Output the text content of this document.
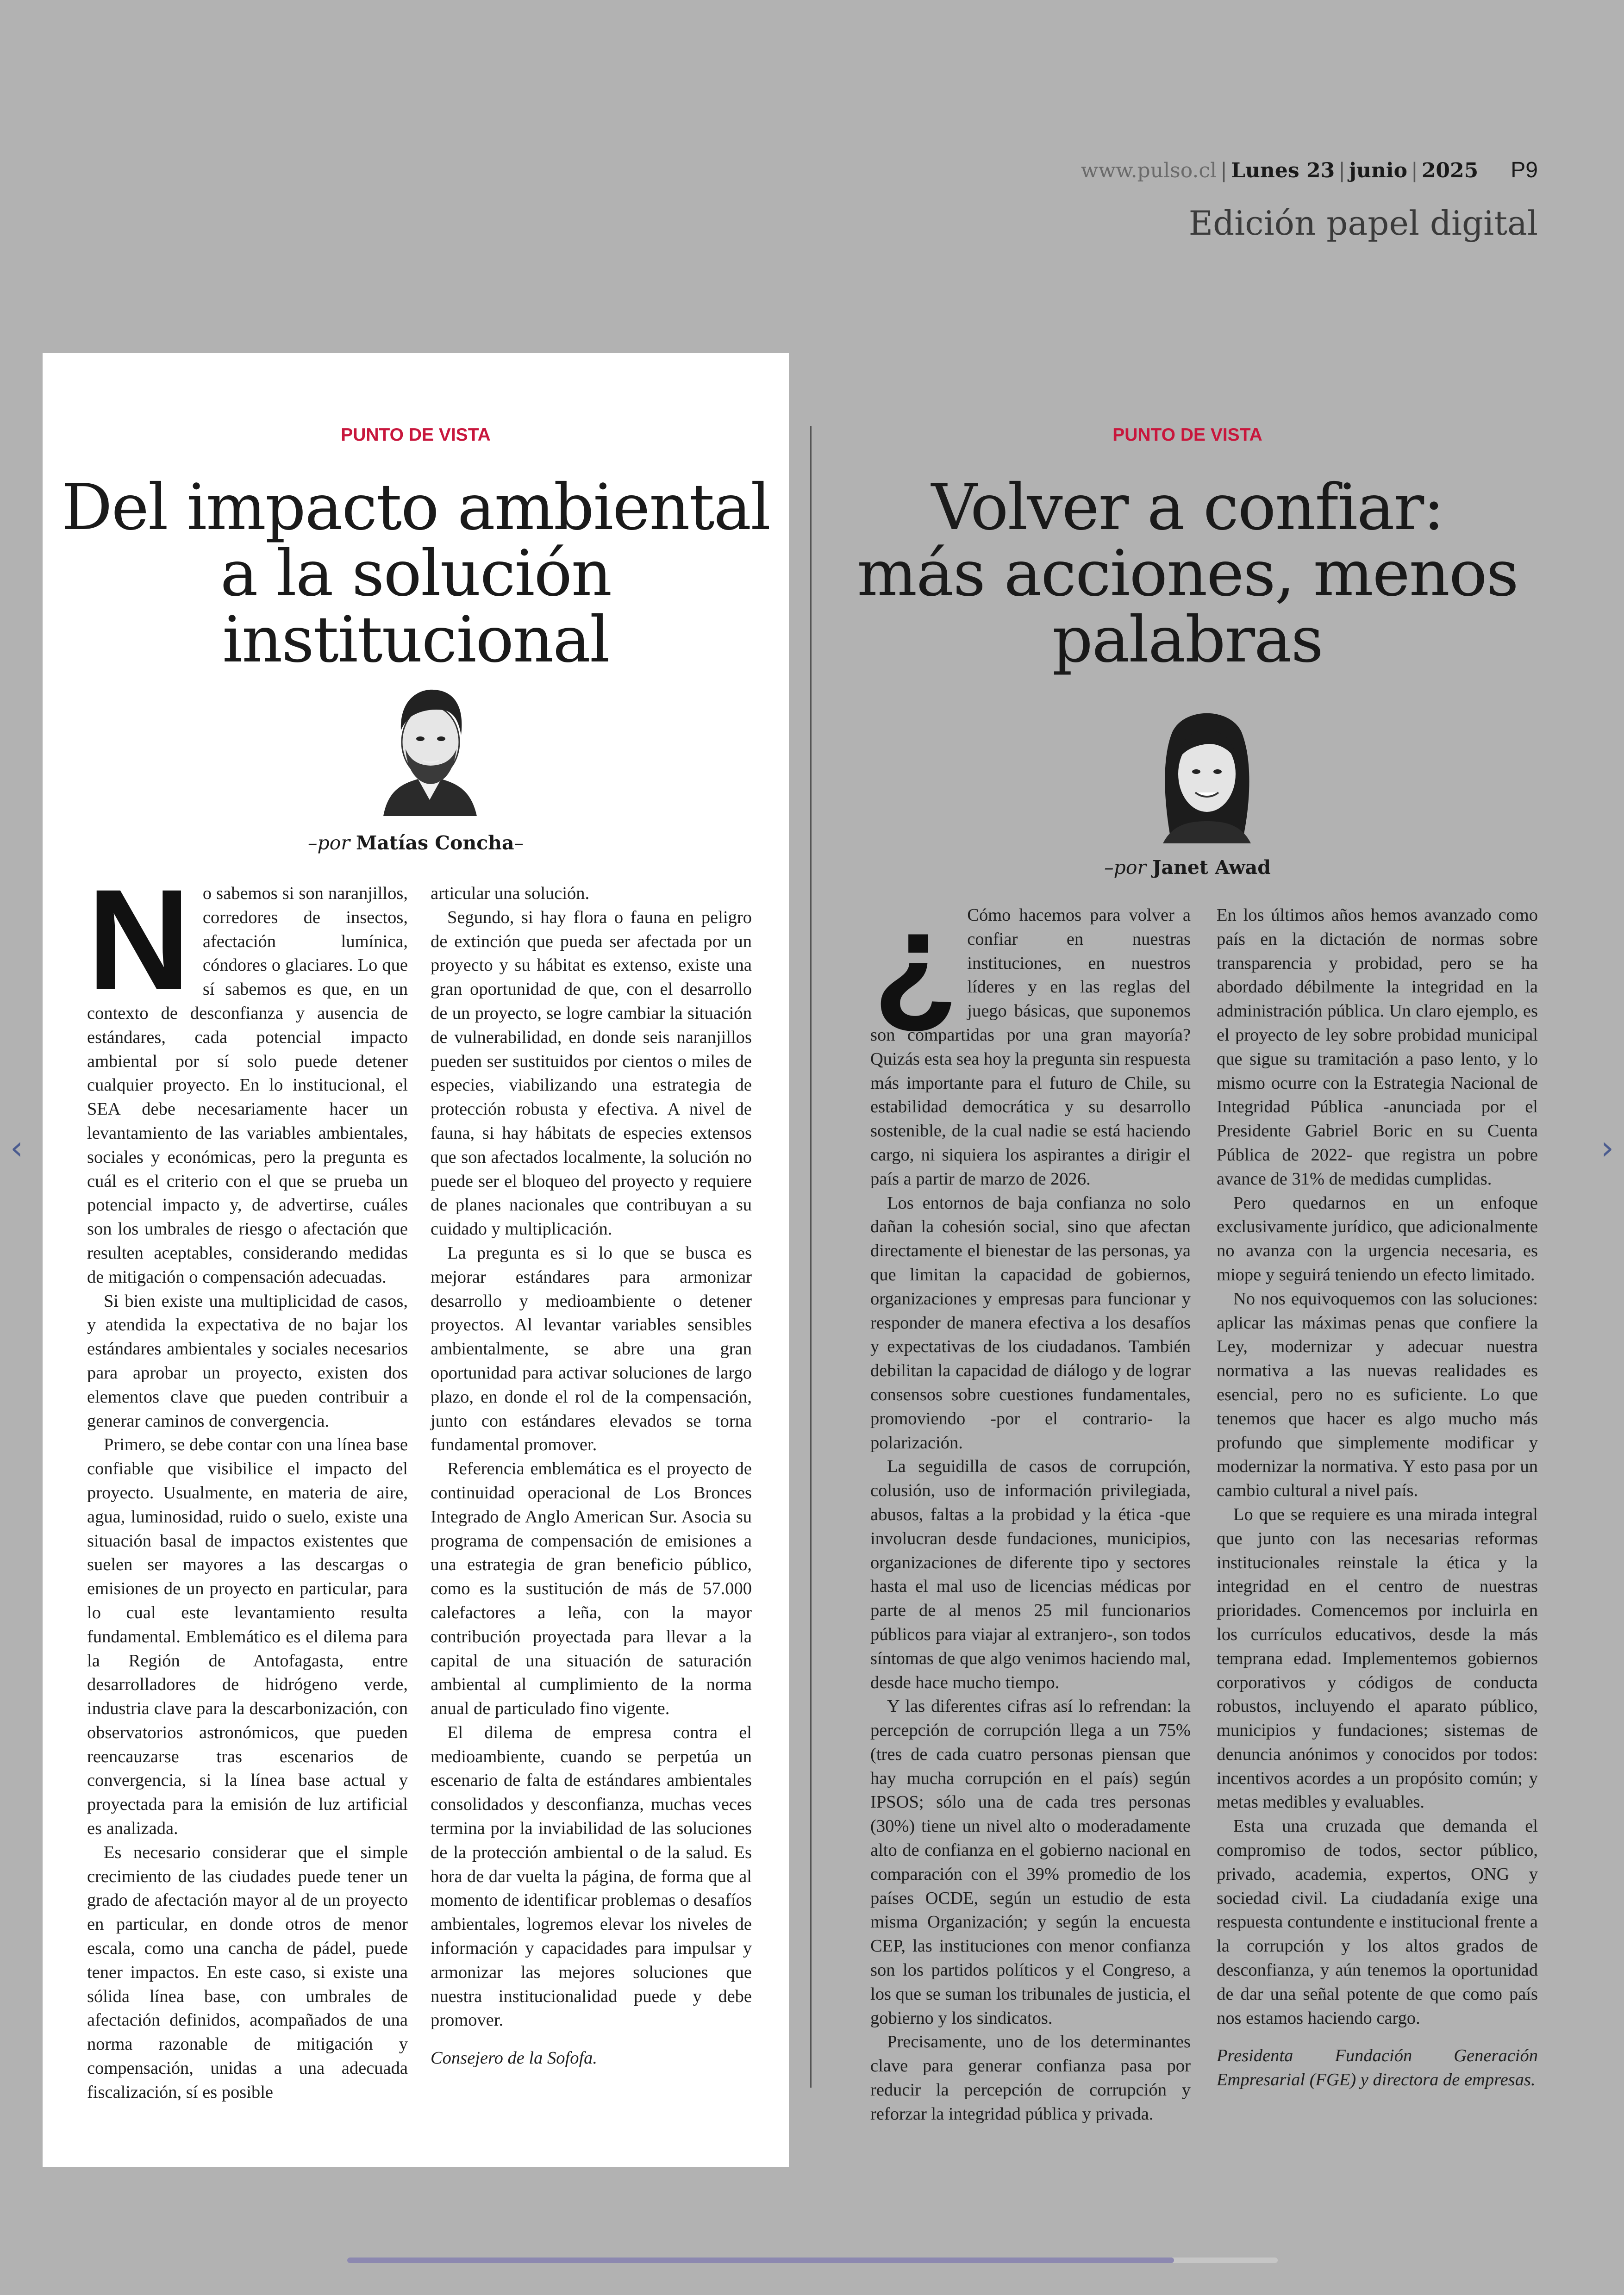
www.pulso.cl | Lunes 23 | junio | 2025 P9
Edición papel digital
‹	›
PUNTO DE VISTA
Del impacto ambiental
a la solución
institucional
–por Matías Concha–
N o sabemos si son naranjillos, corredores de insectos, afectación lumínica, cóndores o glaciares. Lo que sí sabemos es que, en un contexto de desconfianza y ausencia de estándares, cada potencial impacto ambiental por sí solo puede detener cualquier proyecto. En lo institucional, el SEA debe necesariamente hacer un levantamiento de las variables ambientales, sociales y económicas, pero la pregunta es cuál es el criterio con el que se prueba un potencial impacto y, de advertirse, cuáles son los umbrales de riesgo o afectación que resulten aceptables, considerando medidas de mitigación o compensación adecuadas.

Si bien existe una multiplicidad de casos, y atendida la expectativa de no bajar los estándares ambientales y sociales necesarios para aprobar un proyecto, existen dos elementos clave que pueden contribuir a generar caminos de convergencia.

Primero, se debe contar con una línea base confiable que visibilice el impacto del proyecto. Usualmente, en materia de aire, agua, luminosidad, ruido o suelo, existe una situación basal de impactos existentes que suelen ser mayores a las descargas o emisiones de un proyecto en particular, para lo cual este levantamiento resulta fundamental. Emblemático es el dilema para la Región de Antofagasta, entre desarrolladores de hidrógeno verde, industria clave para la descarbonización, con observatorios astronómicos, que pueden reencauzarse tras escenarios de convergencia, si la línea base actual y proyectada para la emisión de luz artificial es analizada.

Es necesario considerar que el simple crecimiento de las ciudades puede tener un grado de afectación mayor al de un proyecto en particular, en donde otros de menor escala, como una cancha de pádel, puede tener impactos. En este caso, si existe una sólida línea base, con umbrales de afectación definidos, acompañados de una norma razonable de mitigación y compensación, unidas a una adecuada fiscalización, sí es posible

articular una solución.

Segundo, si hay flora o fauna en peligro de extinción que pueda ser afectada por un proyecto y su hábitat es extenso, existe una gran oportunidad de que, con el desarrollo de un proyecto, se logre cambiar la situación de vulnerabilidad, en donde seis naranjillos pueden ser sustituidos por cientos o miles de especies, viabilizando una estrategia de protección robusta y efectiva. A nivel de fauna, si hay hábitats de especies extensos que son afectados localmente, la solución no puede ser el bloqueo del proyecto y requiere de planes nacionales que contribuyan a su cuidado y multiplicación.

La pregunta es si lo que se busca es mejorar estándares para armonizar desarrollo y medioambiente o detener proyectos. Al levantar variables sensibles ambientalmente, se abre una gran oportunidad para activar soluciones de largo plazo, en donde el rol de la compensación, junto con estándares elevados se torna fundamental promover.

Referencia emblemática es el proyecto de continuidad operacional de Los Bronces Integrado de Anglo American Sur. Asocia su programa de compensación de emisiones a una estrategia de gran beneficio público, como es la sustitución de más de 57.000 calefactores a leña, con la mayor contribución proyectada para llevar a la capital de una situación de saturación ambiental al cumplimiento de la norma anual de particulado fino vigente.

El dilema de empresa contra el medioambiente, cuando se perpetúa un escenario de falta de estándares ambientales consolidados y desconfianza, muchas veces termina por la inviabilidad de las soluciones de la protección ambiental o de la salud. Es hora de dar vuelta la página, de forma que al momento de identificar problemas o desafíos ambientales, logremos elevar los niveles de información y capacidades para impulsar y armonizar las mejores soluciones que nuestra institucionalidad puede y debe promover.

Consejero de la Sofofa.

PUNTO DE VISTA
Volver a confiar:
más acciones, menos
palabras
–por Janet Awad
¿ Cómo hacemos para volver a confiar en nuestras instituciones, en nuestros líderes y en las reglas del juego básicas, que suponemos son compartidas por una gran mayoría? Quizás esta sea hoy la pregunta sin respuesta más importante para el futuro de Chile, su estabilidad democrática y su desarrollo sostenible, de la cual nadie se está haciendo cargo, ni siquiera los aspirantes a dirigir el país a partir de marzo de 2026.

Los entornos de baja confianza no solo dañan la cohesión social, sino que afectan directamente el bienestar de las personas, ya que limitan la capacidad de gobiernos, organizaciones y empresas para funcionar y responder de manera efectiva a los desafíos y expectativas de los ciudadanos. También debilitan la capacidad de diálogo y de lograr consensos sobre cuestiones fundamentales, promoviendo -por el contrario- la polarización.

La seguidilla de casos de corrupción, colusión, uso de información privilegiada, abusos, faltas a la probidad y la ética -que involucran desde fundaciones, municipios, organizaciones de diferente tipo y sectores hasta el mal uso de licencias médicas por parte de al menos 25 mil funcionarios públicos para viajar al extranjero-, son todos síntomas de que algo venimos haciendo mal, desde hace mucho tiempo.

Y las diferentes cifras así lo refrendan: la percepción de corrupción llega a un 75% (tres de cada cuatro personas piensan que hay mucha corrupción en el país) según IPSOS; sólo una de cada tres personas (30%) tiene un nivel alto o moderadamente alto de confianza en el gobierno nacional en comparación con el 39% promedio de los países OCDE, según un estudio de esta misma Organización; y según la encuesta CEP, las instituciones con menor confianza son los partidos políticos y el Congreso, a los que se suman los tribunales de justicia, el gobierno y los sindicatos.

Precisamente, uno de los determinantes clave para generar confianza pasa por reducir la percepción de corrupción y reforzar la integridad pública y privada.

En los últimos años hemos avanzado como país en la dictación de normas sobre transparencia y probidad, pero se ha abordado débilmente la integridad en la administración pública. Un claro ejemplo, es el proyecto de ley sobre probidad municipal que sigue su tramitación a paso lento, y lo mismo ocurre con la Estrategia Nacional de Integridad Pública -anunciada por el Presidente Gabriel Boric en su Cuenta Pública de 2022- que registra un pobre avance de 31% de medidas cumplidas.

Pero quedarnos en un enfoque exclusivamente jurídico, que adicionalmente no avanza con la urgencia necesaria, es miope y seguirá teniendo un efecto limitado.

No nos equivoquemos con las soluciones: aplicar las máximas penas que confiere la Ley, modernizar y adecuar nuestra normativa a las nuevas realidades es esencial, pero no es suficiente. Lo que tenemos que hacer es algo mucho más profundo que simplemente modificar y modernizar la normativa. Y esto pasa por un cambio cultural a nivel país.

Lo que se requiere es una mirada integral que junto con las necesarias reformas institucionales reinstale la ética y la integridad en el centro de nuestras prioridades. Comencemos por incluirla en los currículos educativos, desde la más temprana edad. Implementemos gobiernos corporativos y códigos de conducta robustos, incluyendo el aparato público, municipios y fundaciones; sistemas de denuncia anónimos y conocidos por todos: incentivos acordes a un propósito común; y metas medibles y evaluables.

Esta una cruzada que demanda el compromiso de todos, sector público, privado, academia, expertos, ONG y sociedad civil. La ciudadanía exige una respuesta contundente e institucional frente a la corrupción y los altos grados de desconfianza, y aún tenemos la oportunidad de dar una señal potente de que como país nos estamos haciendo cargo.

Presidenta Fundación Generación Empresarial (FGE) y directora de empresas.
